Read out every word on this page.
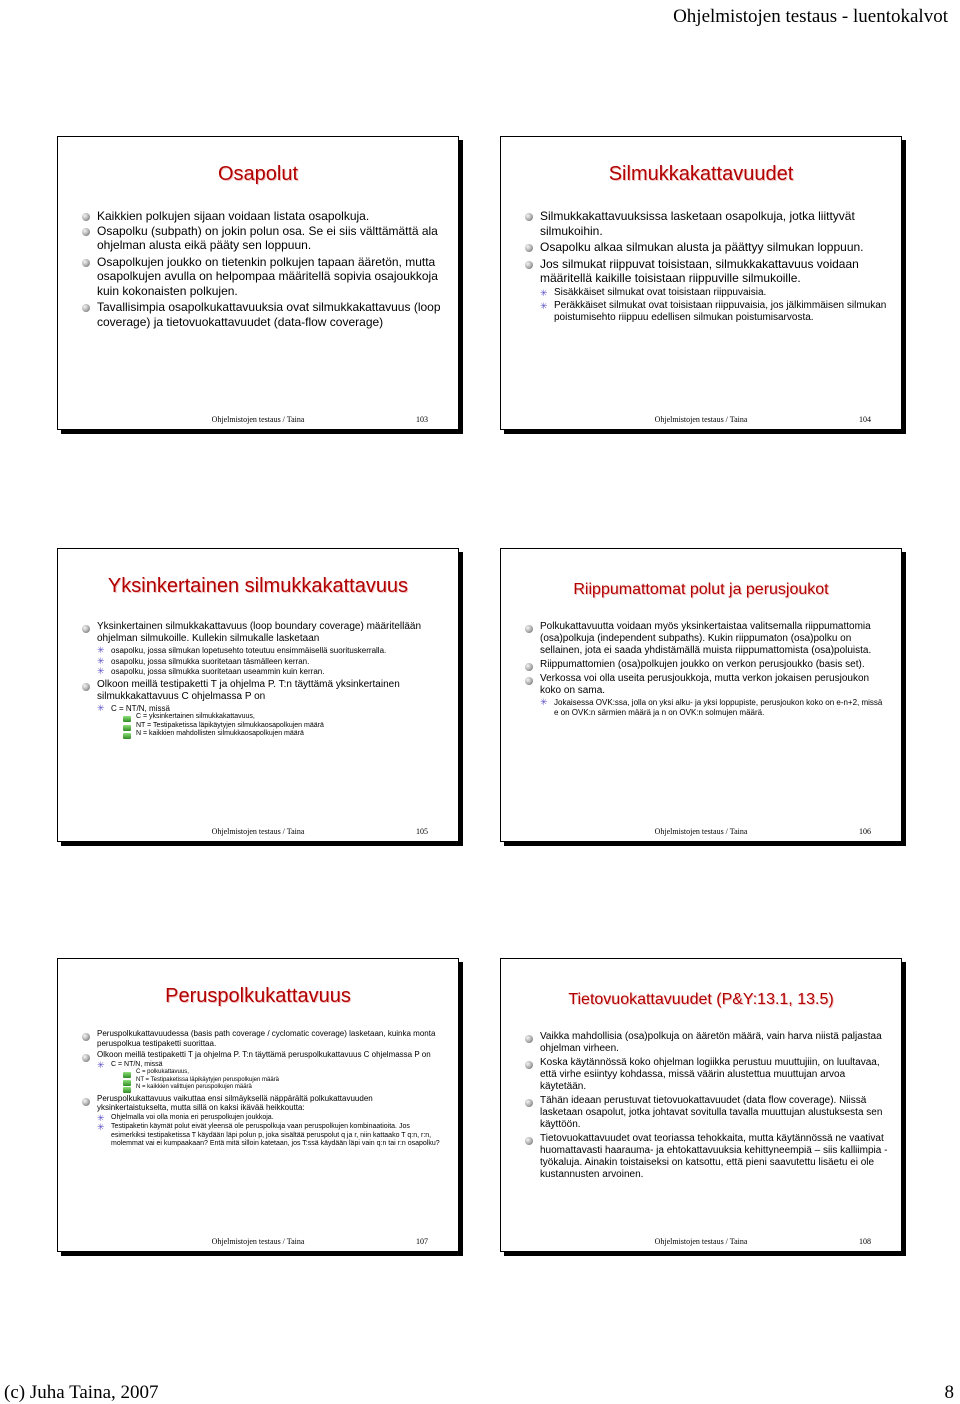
Ohjelmistojen testaus - luentokalvot
Osapolut
Kaikkien polkujen sijaan voidaan listata osapolkuja.
Osapolku (subpath) on jokin polun osa. Se ei siis välttämättä ala ohjelman alusta eikä pääty sen loppuun.
Osapolkujen joukko on tietenkin polkujen tapaan ääretön, mutta osapolkujen avulla on helpompaa määritellä sopivia osajoukkoja kuin kokonaisten polkujen.
Tavallisimpia osapolkukattavuuksia ovat silmukkakattavuus (loop coverage) ja tietovuokattavuudet (data-flow coverage)
Ohjelmistojen testaus / Taina	103
Silmukkakattavuudet
Silmukkakattavuuksissa lasketaan osapolkuja, jotka liittyvät silmukoihin.
Osapolku alkaa silmukan alusta ja päättyy silmukan loppuun.
Jos silmukat riippuvat toisistaan, silmukkakattavuus voidaan määritellä kaikille toisistaan riippuville silmukoille.
✳ Sisäkkäiset silmukat ovat toisistaan riippuvaisia.
✳ Peräkkäiset silmukat ovat toisistaan riippuvaisia, jos jälkimmäisen silmukan poistumisehto riippuu edellisen silmukan poistumisarvosta.
Ohjelmistojen testaus / Taina	104
Yksinkertainen silmukkakattavuus
Yksinkertainen silmukkakattavuus (loop boundary coverage) määritellään ohjelman silmukoille. Kullekin silmukalle lasketaan
✳ osapolku, jossa silmukan lopetusehto toteutuu ensimmäisellä suorituskerralla.
✳ osapolku, jossa silmukka suoritetaan täsmälleen kerran.
✳ osapolku, jossa silmukka suoritetaan useammin kuin kerran.
Olkoon meillä testipaketti T ja ohjelma P. T:n täyttämä yksinkertainen silmukkakattavuus C ohjelmassa P on
✳ C = NT/N, missä
C = yksinkertainen silmukkakattavuus,
NT = Testipaketissa läpikäytyjen silmukkaosapolkujen määrä
N = kaikkien mahdollisten silmukkaosapolkujen määrä
Ohjelmistojen testaus / Taina	105
Riippumattomat polut ja perusjoukot
Polkukattavuutta voidaan myös yksinkertaistaa valitsemalla riippumattomia (osa)polkuja (independent subpaths). Kukin riippumaton (osa)polku on sellainen, jota ei saada yhdistämällä muista riippumattomista (osa)poluista.
Riippumattomien (osa)polkujen joukko on verkon perusjoukko (basis set).
Verkossa voi olla useita perusjoukkoja, mutta verkon jokaisen perusjoukon koko on sama.
✳ Jokaisessa OVK:ssa, jolla on yksi alku- ja yksi loppupiste, perusjoukon koko on e-n+2, missä e on OVK:n särmien määrä ja n on OVK:n solmujen määrä.
Ohjelmistojen testaus / Taina	106
Peruspolkukattavuus
Peruspolkukattavuudessa (basis path coverage / cyclomatic coverage) lasketaan, kuinka monta peruspolkua testipaketti suorittaa.
Olkoon meillä testipaketti T ja ohjelma P. T:n täyttämä peruspolkukattavuus C ohjelmassa P on
✳ C = NT/N, missä
C = polkukattavuus,
NT = Testipaketissa läpikäytyjen peruspolkujen määrä
N = kaikkien valittujen peruspolkujen määrä
Peruspolkukattavuus vaikuttaa ensi silmäyksellä näppärältä polkukattavuuden yksinkertaistukselta, mutta sillä on kaksi ikävää heikkoutta:
✳ Ohjelmalla voi olla monia eri peruspolkujen joukkoja.
✳ Testipaketin käymät polut eivät yleensä ole peruspolkuja vaan peruspolkujen kombinaatioita. Jos esimerkiksi testipaketissa T käydään läpi polun p, joka sisältää peruspolut q ja r, niin kattaako T q:n, r:n, molemmat vai ei kumpaakaan? Entä mitä silloin katetaan, jos T:ssä käydään läpi vain q:n tai r:n osapolku?
Ohjelmistojen testaus / Taina	107
Tietovuokattavuudet (P&Y:13.1, 13.5)
Vaikka mahdollisia (osa)polkuja on ääretön määrä, vain harva niistä paljastaa ohjelman virheen.
Koska käytännössä koko ohjelman logiikka perustuu muuttujiin, on luultavaa, että virhe esiintyy kohdassa, missä väärin alustettua muuttujan arvoa käytetään.
Tähän ideaan perustuvat tietovuokattavuudet (data flow coverage). Niissä lasketaan osapolut, jotka johtavat sovitulla tavalla muuttujan alustuksesta sen käyttöön.
Tietovuokattavuudet ovat teoriassa tehokkaita, mutta käytännössä ne vaativat huomattavasti haarauma- ja ehtokattavuuksia kehittyneempiä – siis kalliimpia - työkaluja. Ainakin toistaiseksi on katsottu, että pieni saavutettu lisäetu ei ole kustannusten arvoinen.
Ohjelmistojen testaus / Taina	108
(c) Juha Taina, 2007	8
